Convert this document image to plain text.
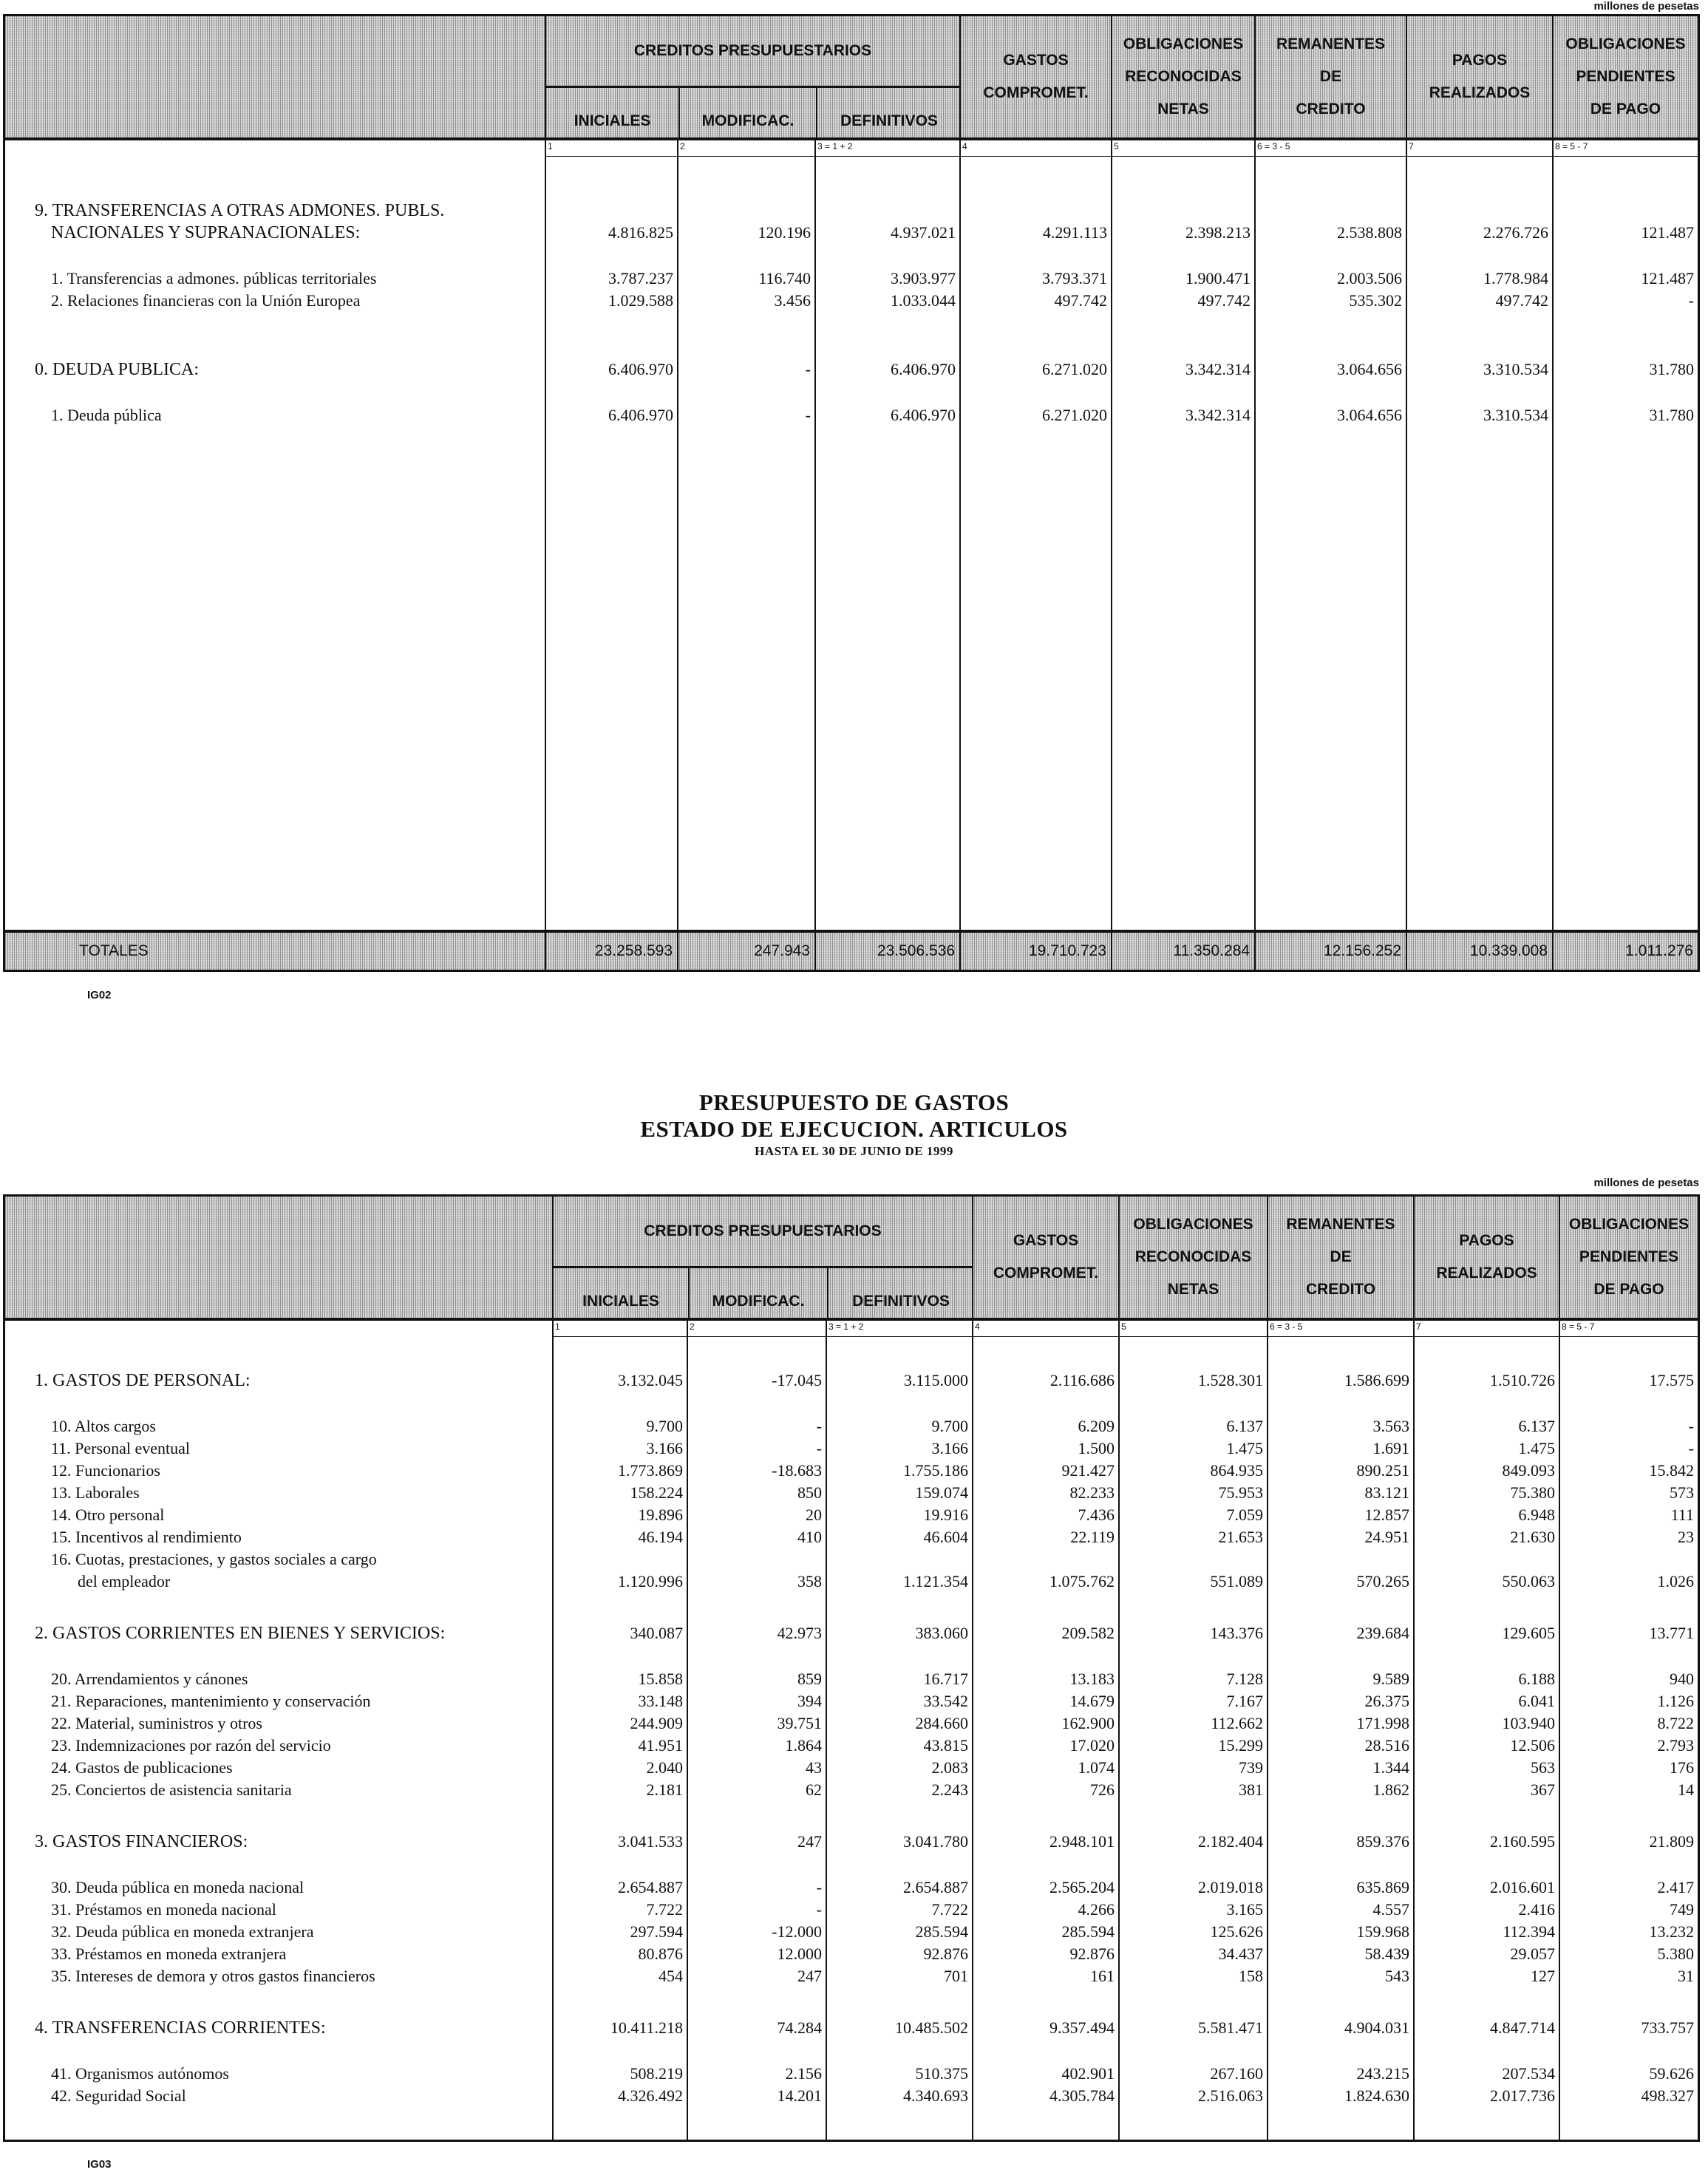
millones de pesetas
CREDITOS PRESUPUESTARIOS
INICIALES	MODIFICAC.	DEFINITIVOS
GASTOS
COMPROMET.
OBLIGACIONES
RECONOCIDAS
NETAS
REMANENTES
DE
CREDITO
PAGOS
REALIZADOS
OBLIGACIONES
PENDIENTES
DE PAGO
1	2	3 = 1 + 2	4	5	6 = 3 - 5	7	8 = 5 - 7
9. TRANSFERENCIAS A OTRAS ADMONES. PUBLS.
NACIONALES Y SUPRANACIONALES:	4.816.825	120.196	4.937.021	4.291.113	2.398.213	2.538.808	2.276.726	121.487
1. Transferencias a admones. públicas territoriales	3.787.237	116.740	3.903.977	3.793.371	1.900.471	2.003.506	1.778.984	121.487
2. Relaciones financieras con la Unión Europea	1.029.588	3.456	1.033.044	497.742	497.742	535.302	497.742	-
0. DEUDA PUBLICA:	6.406.970	-	6.406.970	6.271.020	3.342.314	3.064.656	3.310.534	31.780
1. Deuda pública	6.406.970	-	6.406.970	6.271.020	3.342.314	3.064.656	3.310.534	31.780
TOTALES	23.258.593	247.943	23.506.536	19.710.723	11.350.284	12.156.252	10.339.008	1.011.276
IG02
PRESUPUESTO DE GASTOS
ESTADO DE EJECUCION. ARTICULOS
HASTA EL 30 DE JUNIO DE 1999
millones de pesetas
CREDITOS PRESUPUESTARIOS
INICIALES	MODIFICAC.	DEFINITIVOS
GASTOS
COMPROMET.
OBLIGACIONES
RECONOCIDAS
NETAS
REMANENTES
DE
CREDITO
PAGOS
REALIZADOS
OBLIGACIONES
PENDIENTES
DE PAGO
1	2	3 = 1 + 2	4	5	6 = 3 - 5	7	8 = 5 - 7
1. GASTOS DE PERSONAL:	3.132.045	-17.045	3.115.000	2.116.686	1.528.301	1.586.699	1.510.726	17.575
10. Altos cargos	9.700	-	9.700	6.209	6.137	3.563	6.137	-
11. Personal eventual	3.166	-	3.166	1.500	1.475	1.691	1.475	-
12. Funcionarios	1.773.869	-18.683	1.755.186	921.427	864.935	890.251	849.093	15.842
13. Laborales	158.224	850	159.074	82.233	75.953	83.121	75.380	573
14. Otro personal	19.896	20	19.916	7.436	7.059	12.857	6.948	111
15. Incentivos al rendimiento	46.194	410	46.604	22.119	21.653	24.951	21.630	23
16. Cuotas, prestaciones, y gastos sociales a cargo
del empleador	1.120.996	358	1.121.354	1.075.762	551.089	570.265	550.063	1.026
2. GASTOS CORRIENTES EN BIENES Y SERVICIOS:	340.087	42.973	383.060	209.582	143.376	239.684	129.605	13.771
20. Arrendamientos y cánones	15.858	859	16.717	13.183	7.128	9.589	6.188	940
21. Reparaciones, mantenimiento y conservación	33.148	394	33.542	14.679	7.167	26.375	6.041	1.126
22. Material, suministros y otros	244.909	39.751	284.660	162.900	112.662	171.998	103.940	8.722
23. Indemnizaciones por razón del servicio	41.951	1.864	43.815	17.020	15.299	28.516	12.506	2.793
24. Gastos de publicaciones	2.040	43	2.083	1.074	739	1.344	563	176
25. Conciertos de asistencia sanitaria	2.181	62	2.243	726	381	1.862	367	14
3. GASTOS FINANCIEROS:	3.041.533	247	3.041.780	2.948.101	2.182.404	859.376	2.160.595	21.809
30. Deuda pública en moneda nacional	2.654.887	-	2.654.887	2.565.204	2.019.018	635.869	2.016.601	2.417
31. Préstamos en moneda nacional	7.722	-	7.722	4.266	3.165	4.557	2.416	749
32. Deuda pública en moneda extranjera	297.594	-12.000	285.594	285.594	125.626	159.968	112.394	13.232
33. Préstamos en moneda extranjera	80.876	12.000	92.876	92.876	34.437	58.439	29.057	5.380
35. Intereses de demora y otros gastos financieros	454	247	701	161	158	543	127	31
4. TRANSFERENCIAS CORRIENTES:	10.411.218	74.284	10.485.502	9.357.494	5.581.471	4.904.031	4.847.714	733.757
41. Organismos autónomos	508.219	2.156	510.375	402.901	267.160	243.215	207.534	59.626
42. Seguridad Social	4.326.492	14.201	4.340.693	4.305.784	2.516.063	1.824.630	2.017.736	498.327
IG03
